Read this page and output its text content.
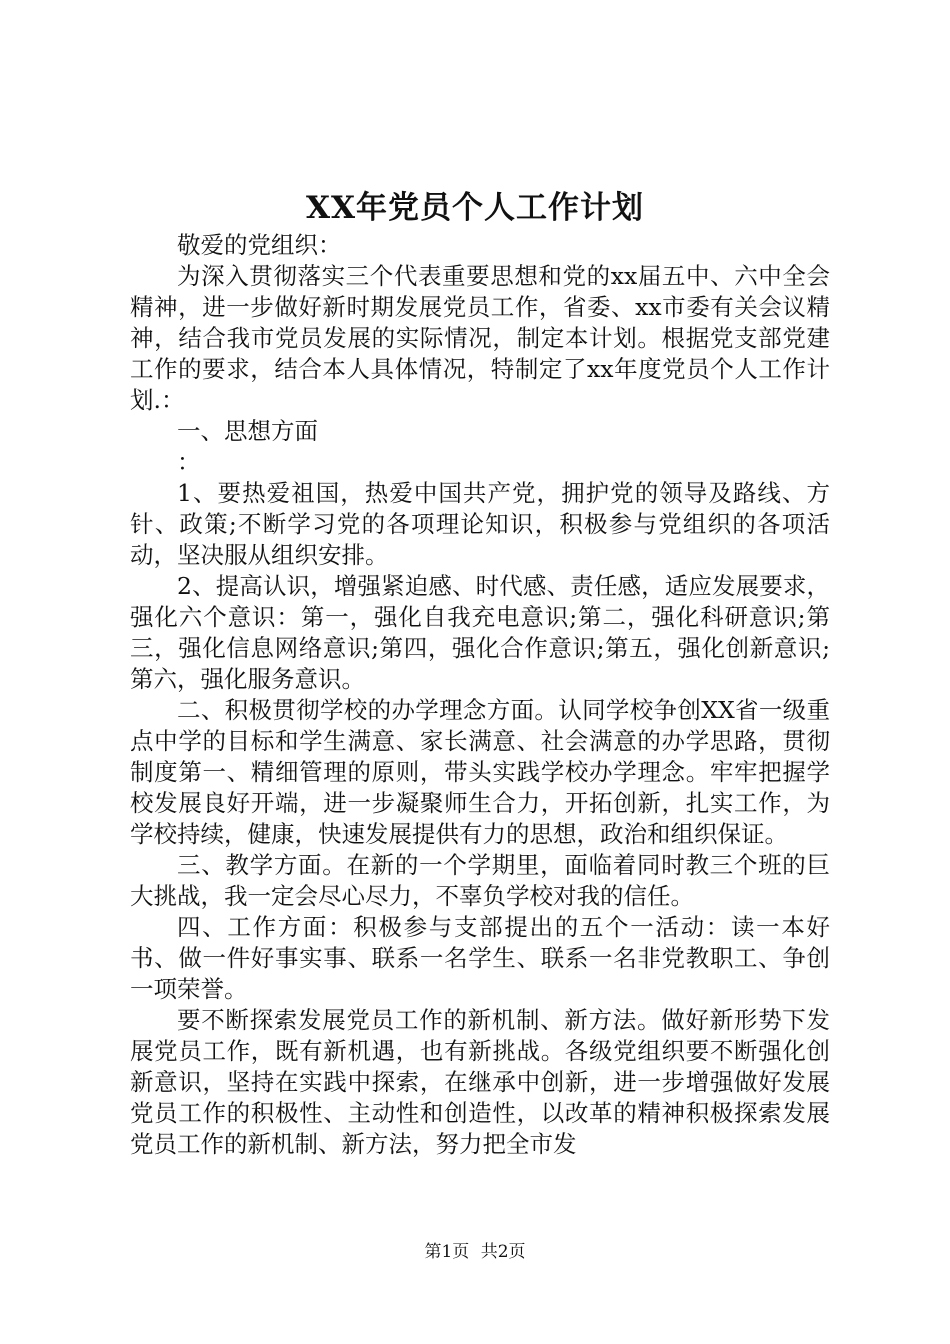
XX年党员个人工作计划

敬爱的党组织：

为深入贯彻落实三个代表重要思想和党的xx届五中、六中全会精神，进一步做好新时期发展党员工作，省委、xx市委有关会议精神，结合我市党员发展的实际情况，制定本计划。根据党支部党建工作的要求，结合本人具体情况，特制定了xx年度党员个人工作计划.：

一、思想方面

：

1、要热爱祖国，热爱中国共产党，拥护党的领导及路线、方针、政策;不断学习党的各项理论知识，积极参与党组织的各项活动，坚决服从组织安排。

2、提高认识，增强紧迫感、时代感、责任感，适应发展要求，强化六个意识：第一，强化自我充电意识;第二，强化科研意识;第三，强化信息网络意识;第四，强化合作意识;第五，强化创新意识;第六，强化服务意识。

二、积极贯彻学校的办学理念方面。认同学校争创XX省一级重点中学的目标和学生满意、家长满意、社会满意的办学思路，贯彻制度第一、精细管理的原则，带头实践学校办学理念。牢牢把握学校发展良好开端，进一步凝聚师生合力，开拓创新，扎实工作，为学校持续，健康，快速发展提供有力的思想，政治和组织保证。

三、教学方面。在新的一个学期里，面临着同时教三个班的巨大挑战，我一定会尽心尽力，不辜负学校对我的信任。

四、工作方面：积极参与支部提出的五个一活动：读一本好书、做一件好事实事、联系一名学生、联系一名非党教职工、争创一项荣誉。

要不断探索发展党员工作的新机制、新方法。做好新形势下发展党员工作，既有新机遇，也有新挑战。各级党组织要不断强化创新意识，坚持在实践中探索，在继承中创新，进一步增强做好发展党员工作的积极性、主动性和创造性，以改革的精神积极探索发展党员工作的新机制、新方法，努力把全市发

第1页 共2页
